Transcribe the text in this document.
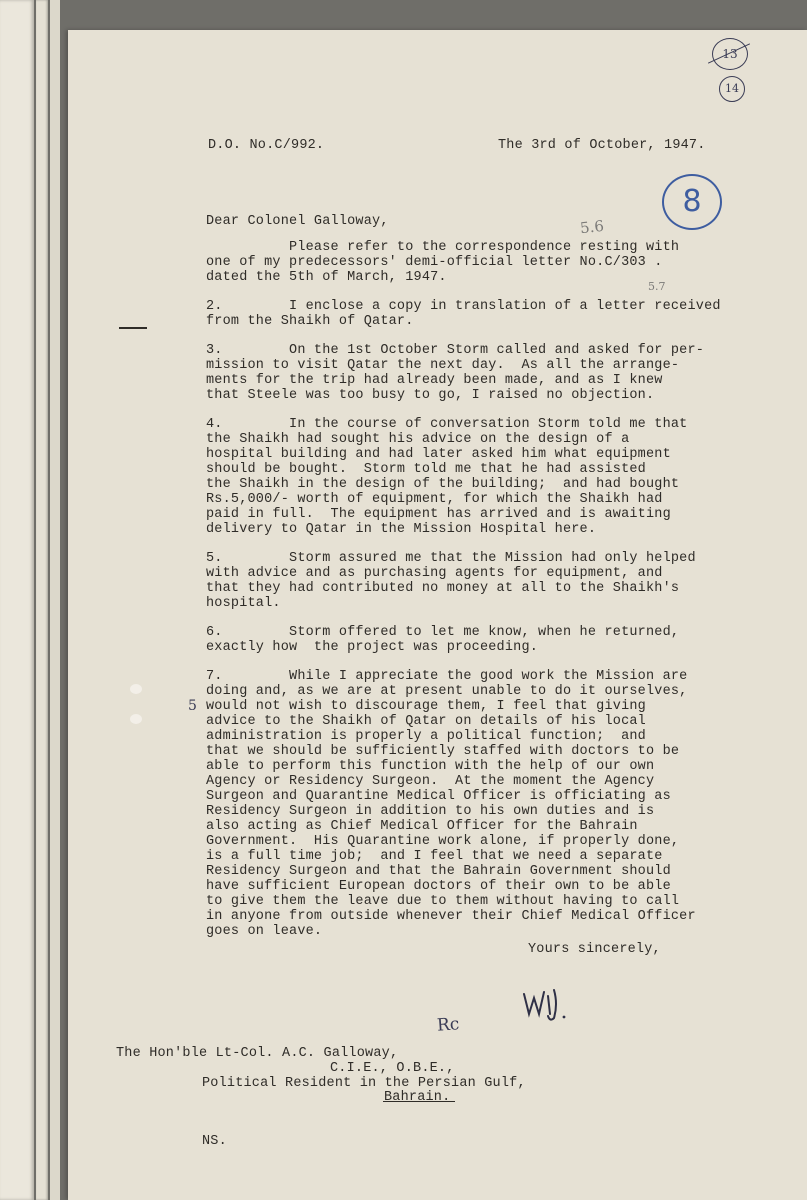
13
14
8
D.O. No.C/992.	The 3rd of October, 1947.
5.6
5.7
Dear Colonel Galloway,
Please refer to the correspondence resting with
one of my predecessors' demi-official letter No.C/303 .
dated the 5th of March, 1947.
2.        I enclose a copy in translation of a letter received
from the Shaikh of Qatar.
3.        On the 1st October Storm called and asked for per-
mission to visit Qatar the next day.  As all the arrange-
ments for the trip had already been made, and as I knew
that Steele was too busy to go, I raised no objection.
4.        In the course of conversation Storm told me that
the Shaikh had sought his advice on the design of a
hospital building and had later asked him what equipment
should be bought.  Storm told me that he had assisted
the Shaikh in the design of the building;  and had bought
Rs.5,000/- worth of equipment, for which the Shaikh had
paid in full.  The equipment has arrived and is awaiting
delivery to Qatar in the Mission Hospital here.
5.        Storm assured me that the Mission had only helped
with advice and as purchasing agents for equipment, and
that they had contributed no money at all to the Shaikh's
hospital.
6.        Storm offered to let me know, when he returned,
exactly how  the project was proceeding.
5
7.        While I appreciate the good work the Mission are
doing and, as we are at present unable to do it ourselves,
would not wish to discourage them, I feel that giving
advice to the Shaikh of Qatar on details of his local
administration is properly a political function;  and
that we should be sufficiently staffed with doctors to be
able to perform this function with the help of our own
Agency or Residency Surgeon.  At the moment the Agency
Surgeon and Quarantine Medical Officer is officiating as
Residency Surgeon in addition to his own duties and is
also acting as Chief Medical Officer for the Bahrain
Government.  His Quarantine work alone, if properly done,
is a full time job;  and I feel that we need a separate
Residency Surgeon and that the Bahrain Government should
have sufficient European doctors of their own to be able
to give them the leave due to them without having to call
in anyone from outside whenever their Chief Medical Officer
goes on leave.
Yours sincerely,
Rc
The Hon'ble Lt-Col. A.C. Galloway,
C.I.E., O.B.E.,
Political Resident in the Persian Gulf,
Bahrain.
NS.
